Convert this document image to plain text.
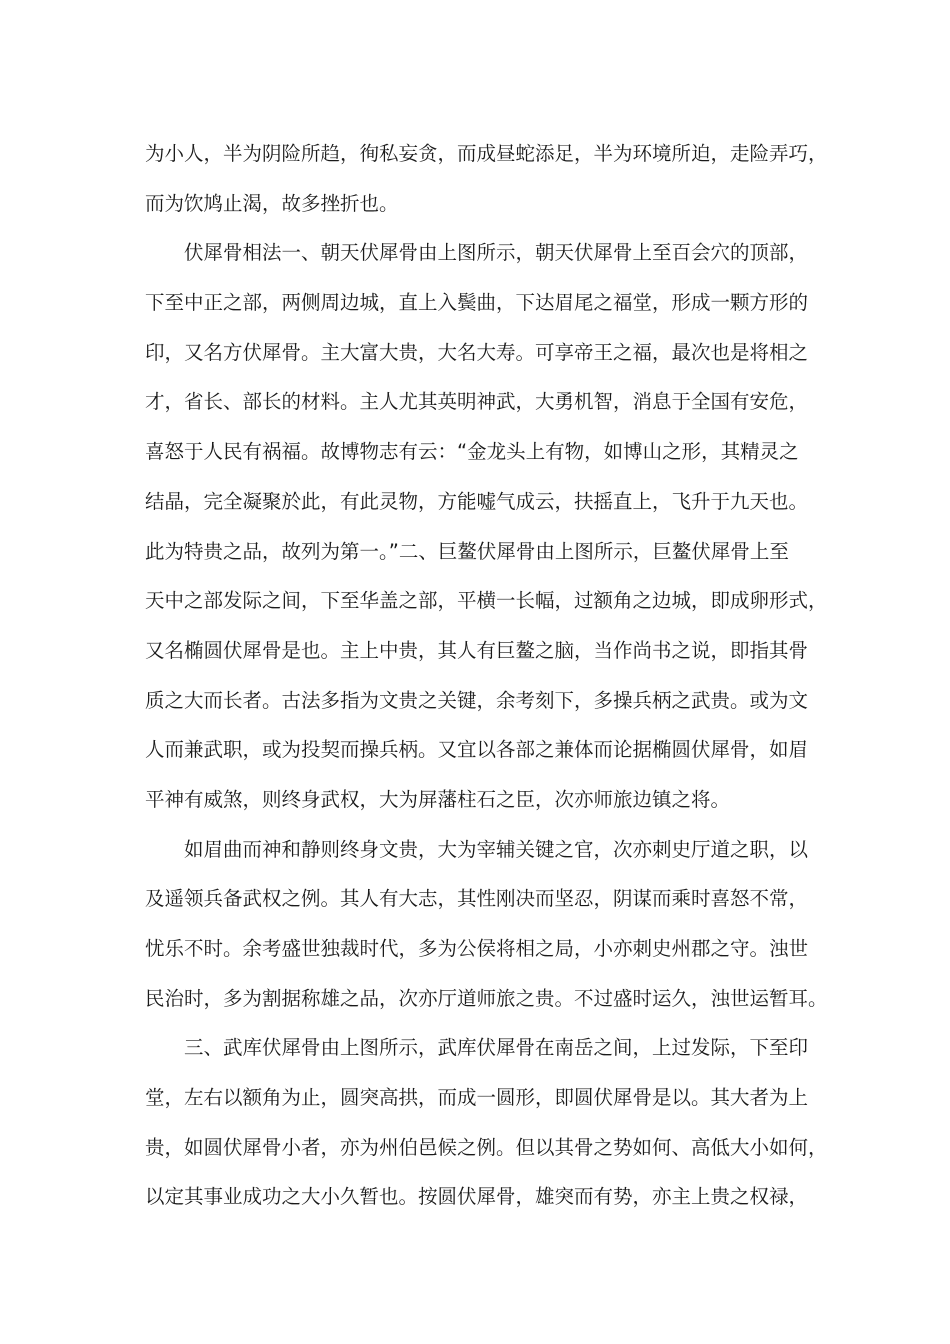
为小人，半为阴险所趋，徇私妄贪，而成昼蛇添足，半为环境所迫，走险弄巧，
而为饮鸠止渴，故多挫折也。
伏犀骨相法一、朝天伏犀骨由上图所示，朝天伏犀骨上至百会穴的顶部，
下至中正之部，两侧周边城，直上入鬓曲，下达眉尾之福堂，形成一颗方形的
印，又名方伏犀骨。主大富大贵，大名大寿。可享帝王之福，最次也是将相之
才，省长、部长的材料。主人尤其英明神武，大勇机智，消息于全国有安危，
喜怒于人民有祸福。故博物志有云：“金龙头上有物，如博山之形，其精灵之
结晶，完全凝聚於此，有此灵物，方能嘘气成云，扶摇直上，飞升于九天也。
此为特贵之品，故列为第一。”二、巨鳌伏犀骨由上图所示，巨鳌伏犀骨上至
天中之部发际之间，下至华盖之部，平横一长幅，过额角之边城，即成卵形式，
又名椭圆伏犀骨是也。主上中贵，其人有巨鳌之脑，当作尚书之说，即指其骨
质之大而长者。古法多指为文贵之关键，余考刻下，多操兵柄之武贵。或为文
人而兼武职，或为投契而操兵柄。又宜以各部之兼体而论据椭圆伏犀骨，如眉
平神有威煞，则终身武权，大为屏藩柱石之臣，次亦师旅边镇之将。
如眉曲而神和静则终身文贵，大为宰辅关键之官，次亦刺史厅道之职，以
及遥领兵备武权之例。其人有大志，其性刚决而坚忍，阴谋而乘时喜怒不常，
忧乐不时。余考盛世独裁时代，多为公侯将相之局，小亦刺史州郡之守。浊世
民治时，多为割据称雄之品，次亦厅道师旅之贵。不过盛时运久，浊世运暂耳。
三、武库伏犀骨由上图所示，武库伏犀骨在南岳之间，上过发际，下至印
堂，左右以额角为止，圆突高拱，而成一圆形，即圆伏犀骨是以。其大者为上
贵，如圆伏犀骨小者，亦为州伯邑候之例。但以其骨之势如何、高低大小如何，
以定其事业成功之大小久暂也。按圆伏犀骨，雄突而有势，亦主上贵之权禄，
